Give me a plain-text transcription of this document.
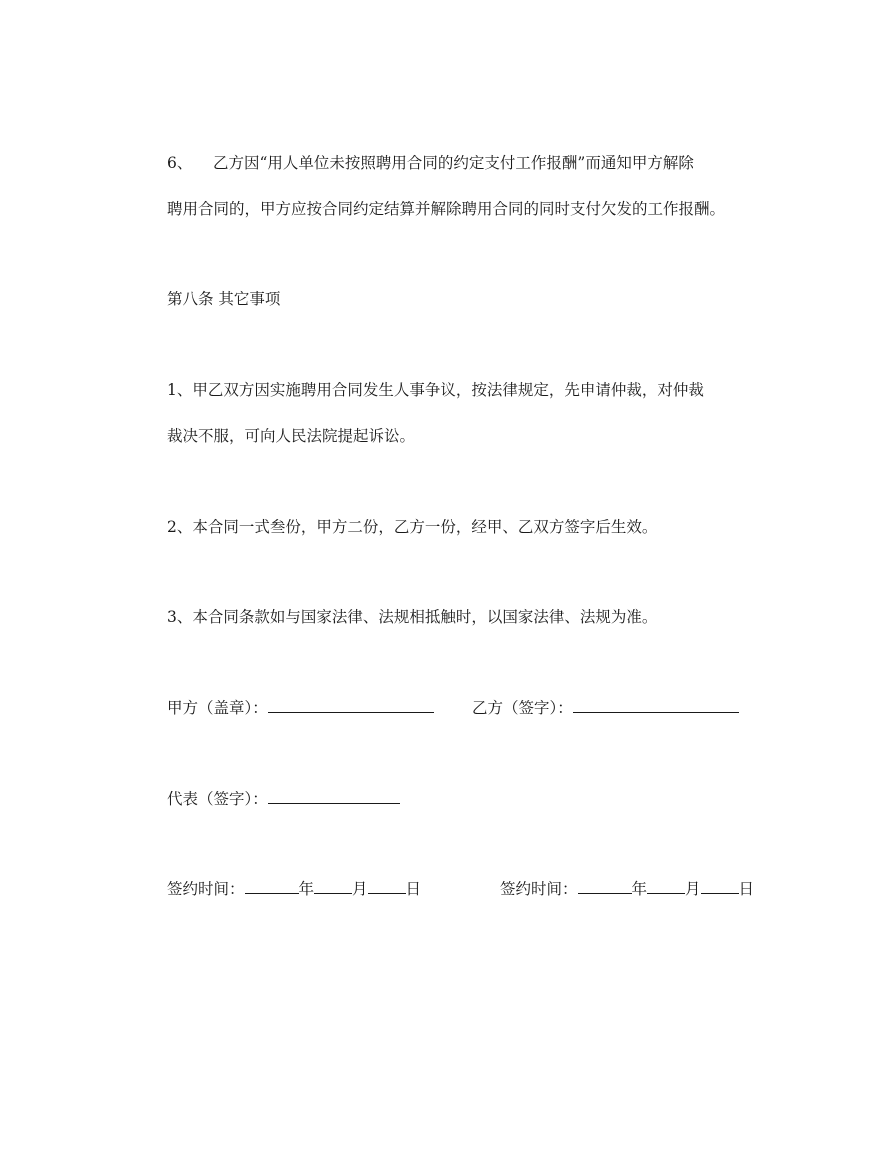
6、 乙方因“用人单位未按照聘用合同的约定支付工作报酬”而通知甲方解除
聘用合同的，甲方应按合同约定结算并解除聘用合同的同时支付欠发的工作报酬。
第八条 其它事项
1、甲乙双方因实施聘用合同发生人事争议，按法律规定，先申请仲裁，对仲裁
裁决不服，可向人民法院提起诉讼。
2、本合同一式叁份，甲方二份，乙方一份，经甲、乙双方签字后生效。
3、本合同条款如与国家法律、法规相抵触时，以国家法律、法规为准。
甲方（盖章）：	乙方（签字）：
代表（签字）：
签约时间：	年 月 日	签约时间：	年 月 日
